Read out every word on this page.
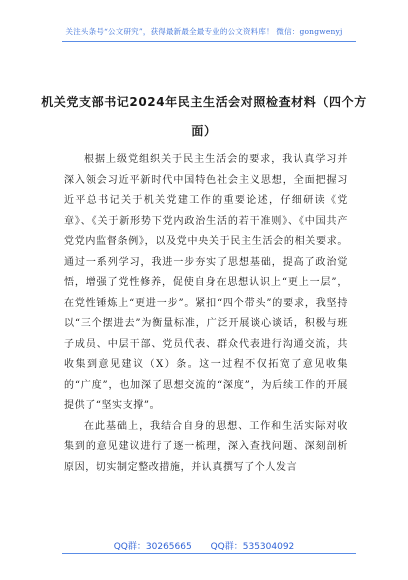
关注头条号“公文研究”，获得最新最全最专业的公文资料库！ 微信：gongwenyj
机关党支部书记2024年民主生活会对照检查材料（四个方
面）

根据上级党组织关于民主生活会的要求，我认真学习并深入领会习近平新时代中国特色社会主义思想，全面把握习近平总书记关于机关党建工作的重要论述，仔细研读《党章》、《关于新形势下党内政治生活的若干准则》、《中国共产党党内监督条例》，以及党中央关于民主生活会的相关要求。通过一系列学习，我进一步夯实了思想基础，提高了政治觉悟，增强了党性修养，促使自身在思想认识上“更上一层”，在党性锤炼上“更进一步”。紧扣“四个带头”的要求，我坚持以“三个摆进去”为衡量标准，广泛开展谈心谈话，积极与班子成员、中层干部、党员代表、群众代表进行沟通交流，共收集到意见建议（X）条。这一过程不仅拓宽了意见收集的“广度”，也加深了思想交流的“深度”，为后续工作的开展提供了“坚实支撑”。

在此基础上，我结合自身的思想、工作和生活实际对收集到的意见建议进行了逐一梳理，深入查找问题、深刻剖析原因，切实制定整改措施，并认真撰写了个人发言

QQ群：30265665 QQ群：535304092
